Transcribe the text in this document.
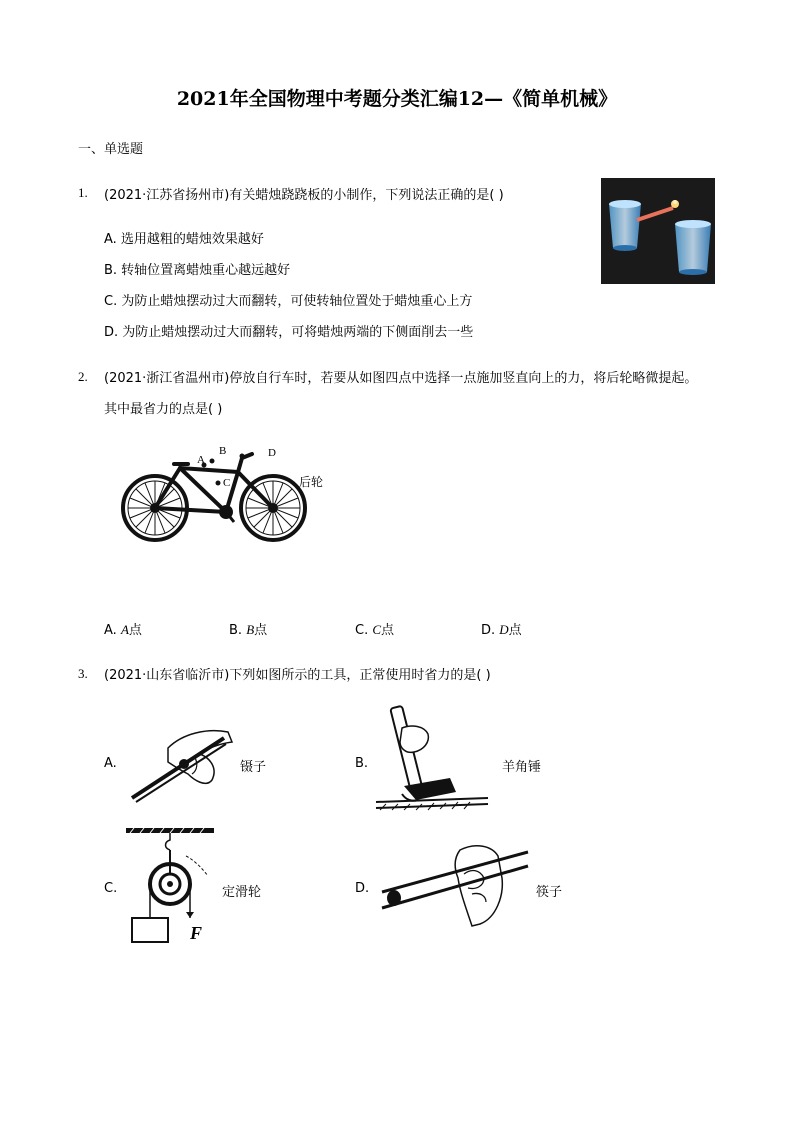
2021年全国物理中考题分类汇编12—《简单机械》
一、单选题
1. (2021·江苏省扬州市)有关蜡烛跷跷板的小制作，下列说法正确的是( )
A. 选用越粗的蜡烛效果越好
B. 转轴位置离蜡烛重心越远越好
C. 为防止蜡烛摆动过大而翻转，可使转轴位置处于蜡烛重心上方
D. 为防止蜡烛摆动过大而翻转，可将蜡烛两端的下侧面削去一些
2. (2021·浙江省温州市)停放自行车时，若要从如图四点中选择一点施加竖直向上的力，将后轮略微提起。
其中最省力的点是( )
A
B	D
C	后轮
A. A点	B. B点	C. C点	D. D点
3. (2021·山东省临沂市)下列如图所示的工具，正常使用时省力的是( )
A.	镊子	B.	羊角锤
C.
F
定滑轮	D.	筷子
